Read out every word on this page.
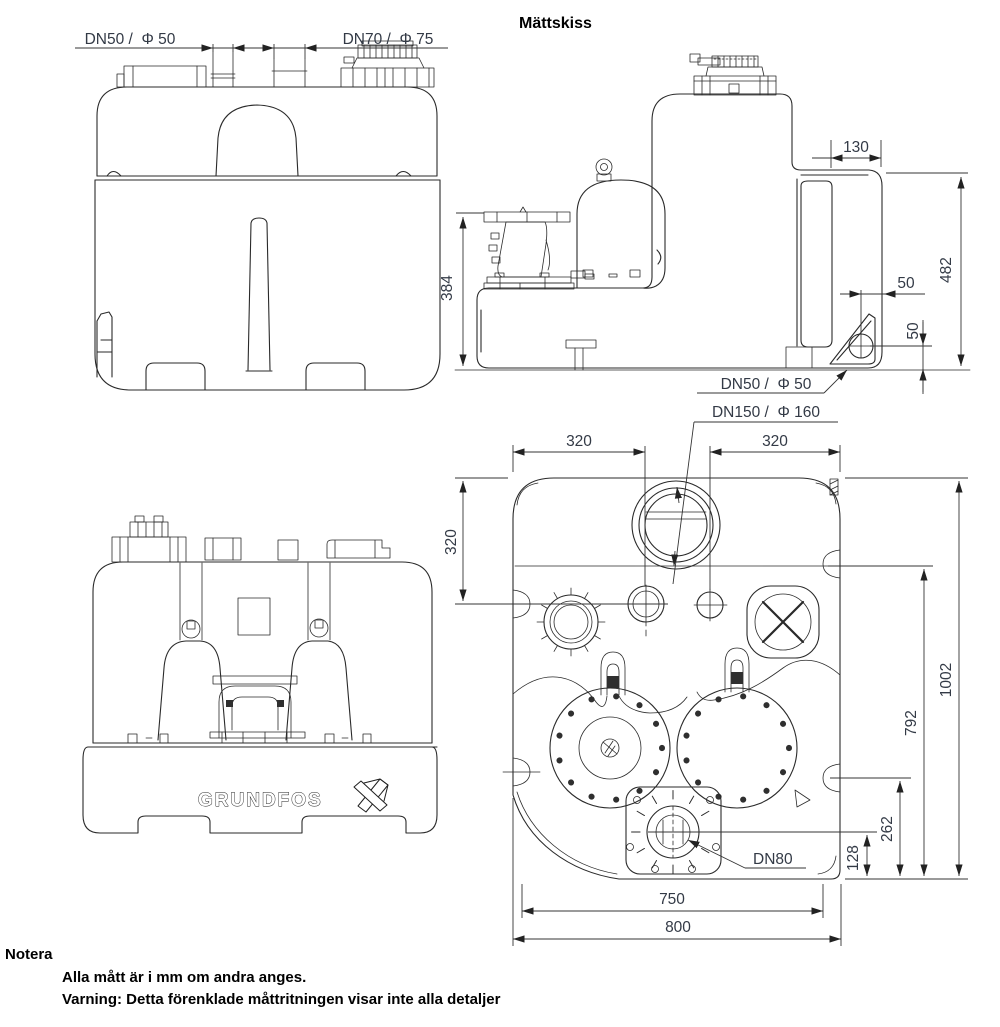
Mättskiss
DN50 /  Φ 50	DN70 /  Φ 75
384
130
482
50
50
DN50 /  Φ 50
DN150 /  Φ 160
GRUNDFOS
320	320
320
1002
792
262
128
750
800
DN80
Notera
Alla mått är i mm om andra anges.
Varning: Detta förenklade måttritningen visar inte alla detaljer
